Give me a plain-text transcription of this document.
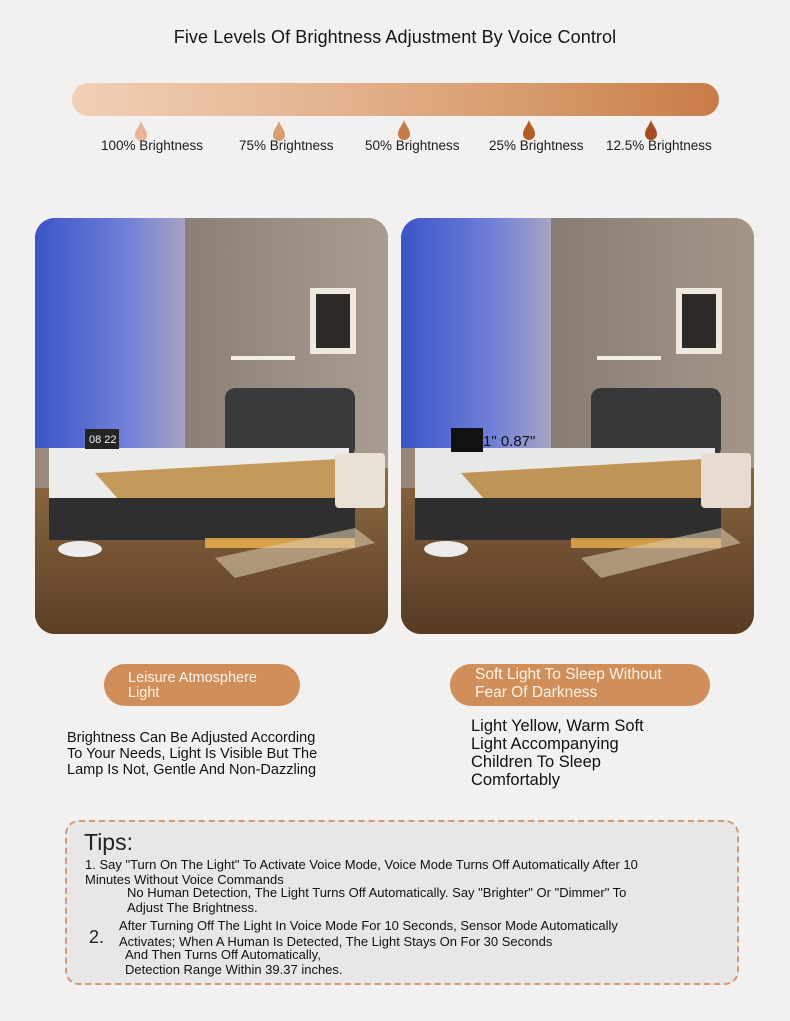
Five Levels Of Brightness Adjustment By Voice Control
100% Brightness	75% Brightness 50% Brightness 25% Brightness 12.5% Brightness
08 22	1" 0.87"
Leisure Atmosphere
Light
Soft Light To Sleep Without
Fear Of Darkness
Brightness Can Be Adjusted According
To Your Needs, Light Is Visible But The
Lamp Is Not, Gentle And Non-Dazzling
Light Yellow, Warm Soft
Light Accompanying
Children To Sleep
Comfortably
Tips:
1. Say "Turn On The Light" To Activate Voice Mode, Voice Mode Turns Off Automatically After 10
Minutes Without Voice Commands
No Human Detection, The Light Turns Off Automatically. Say "Brighter" Or "Dimmer" To
Adjust The Brightness.
2.
After Turning Off The Light In Voice Mode For 10 Seconds, Sensor Mode Automatically
Activates; When A Human Is Detected, The Light Stays On For 30 Seconds
And Then Turns Off Automatically,
Detection Range Within 39.37 inches.
